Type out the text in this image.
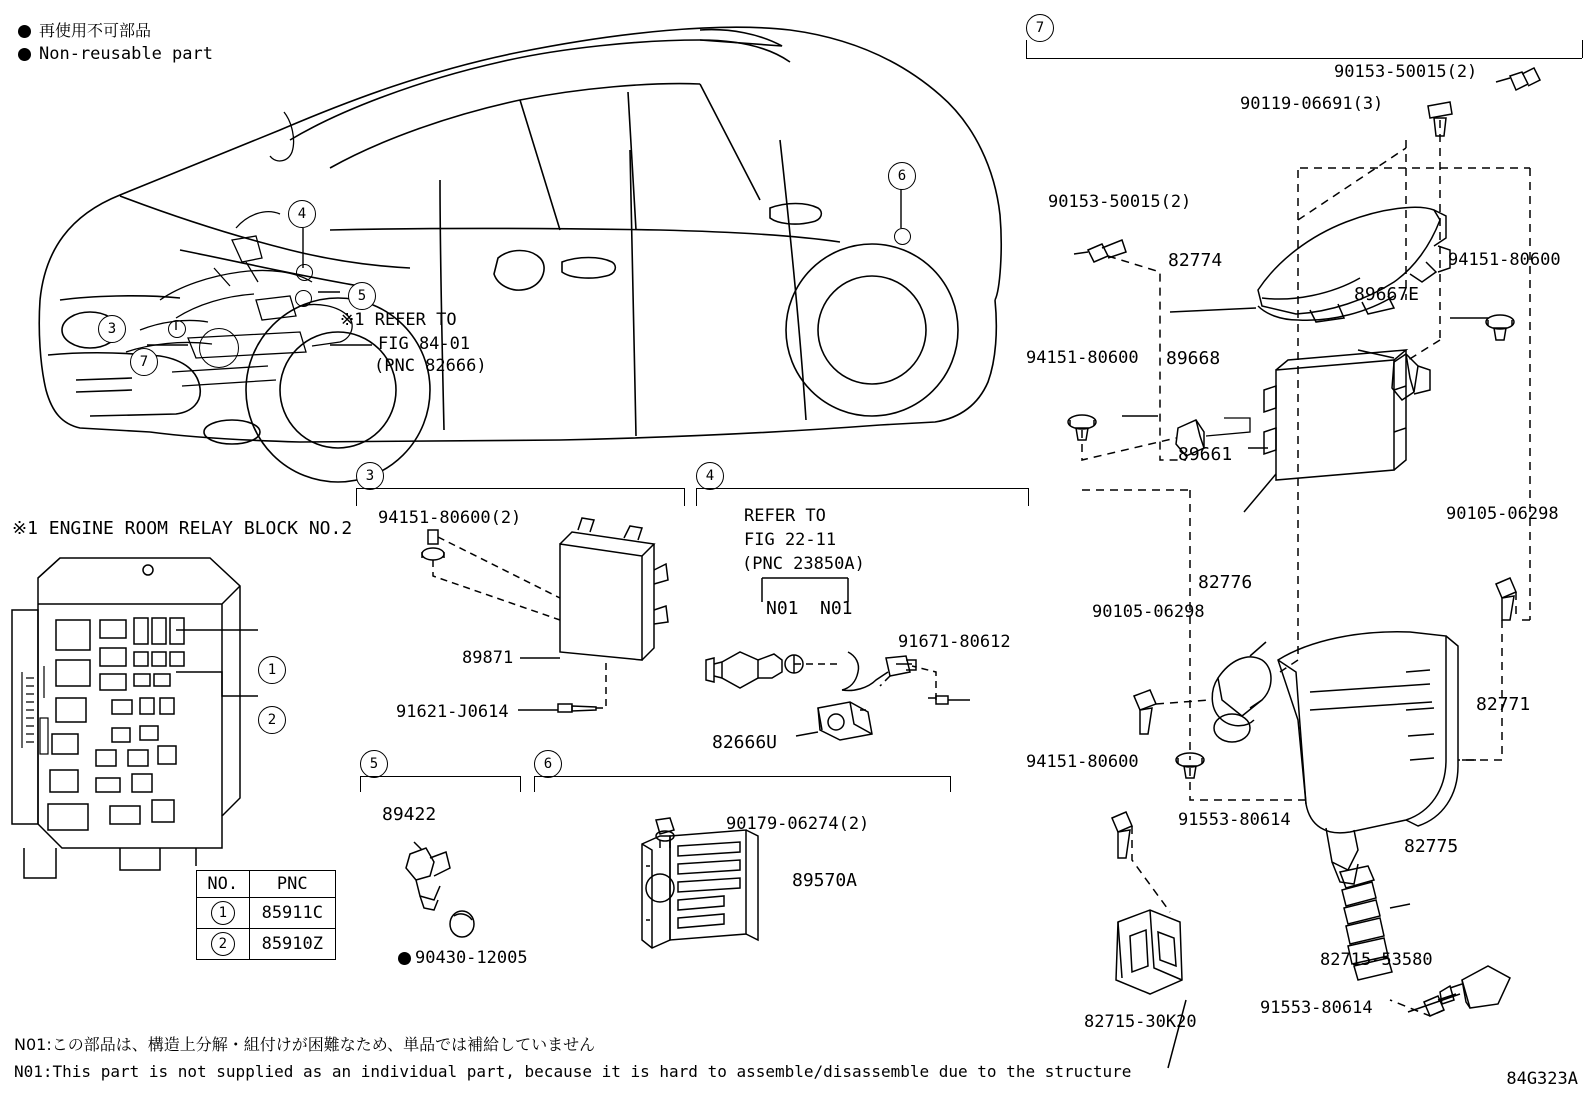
再使用不可部品
Non-reusable part
4
5
3
7
6
※1 REFER TO
FIG 84-01
(PNC 82666)
※1 ENGINE ROOM RELAY BLOCK NO.2
1
2
NO.	PNC

1	85911C

2	85910Z
3
94151-80600(2)
89871
91621-J0614
4
REFER TO
FIG 22-11
(PNC 23850A)
N01 N01
91671-80612
82666U
5
89422
90430-12005
6
90179-06274(2)
89570A
7
90153-50015(2)
90119-06691(3)
90153-50015(2)
82774	94151-80600
89667E
94151-80600 89668
89661
90105-06298
82776
90105-06298
82771
94151-80600
91553-80614
82775
82715-53580
91553-80614
82715-30K20
N01:この部品は、構造上分解・組付けが困難なため、単品では補給していません
N01:This part is not supplied as an individual part, because it is hard to assemble/disassemble due to the structure	84G323A
